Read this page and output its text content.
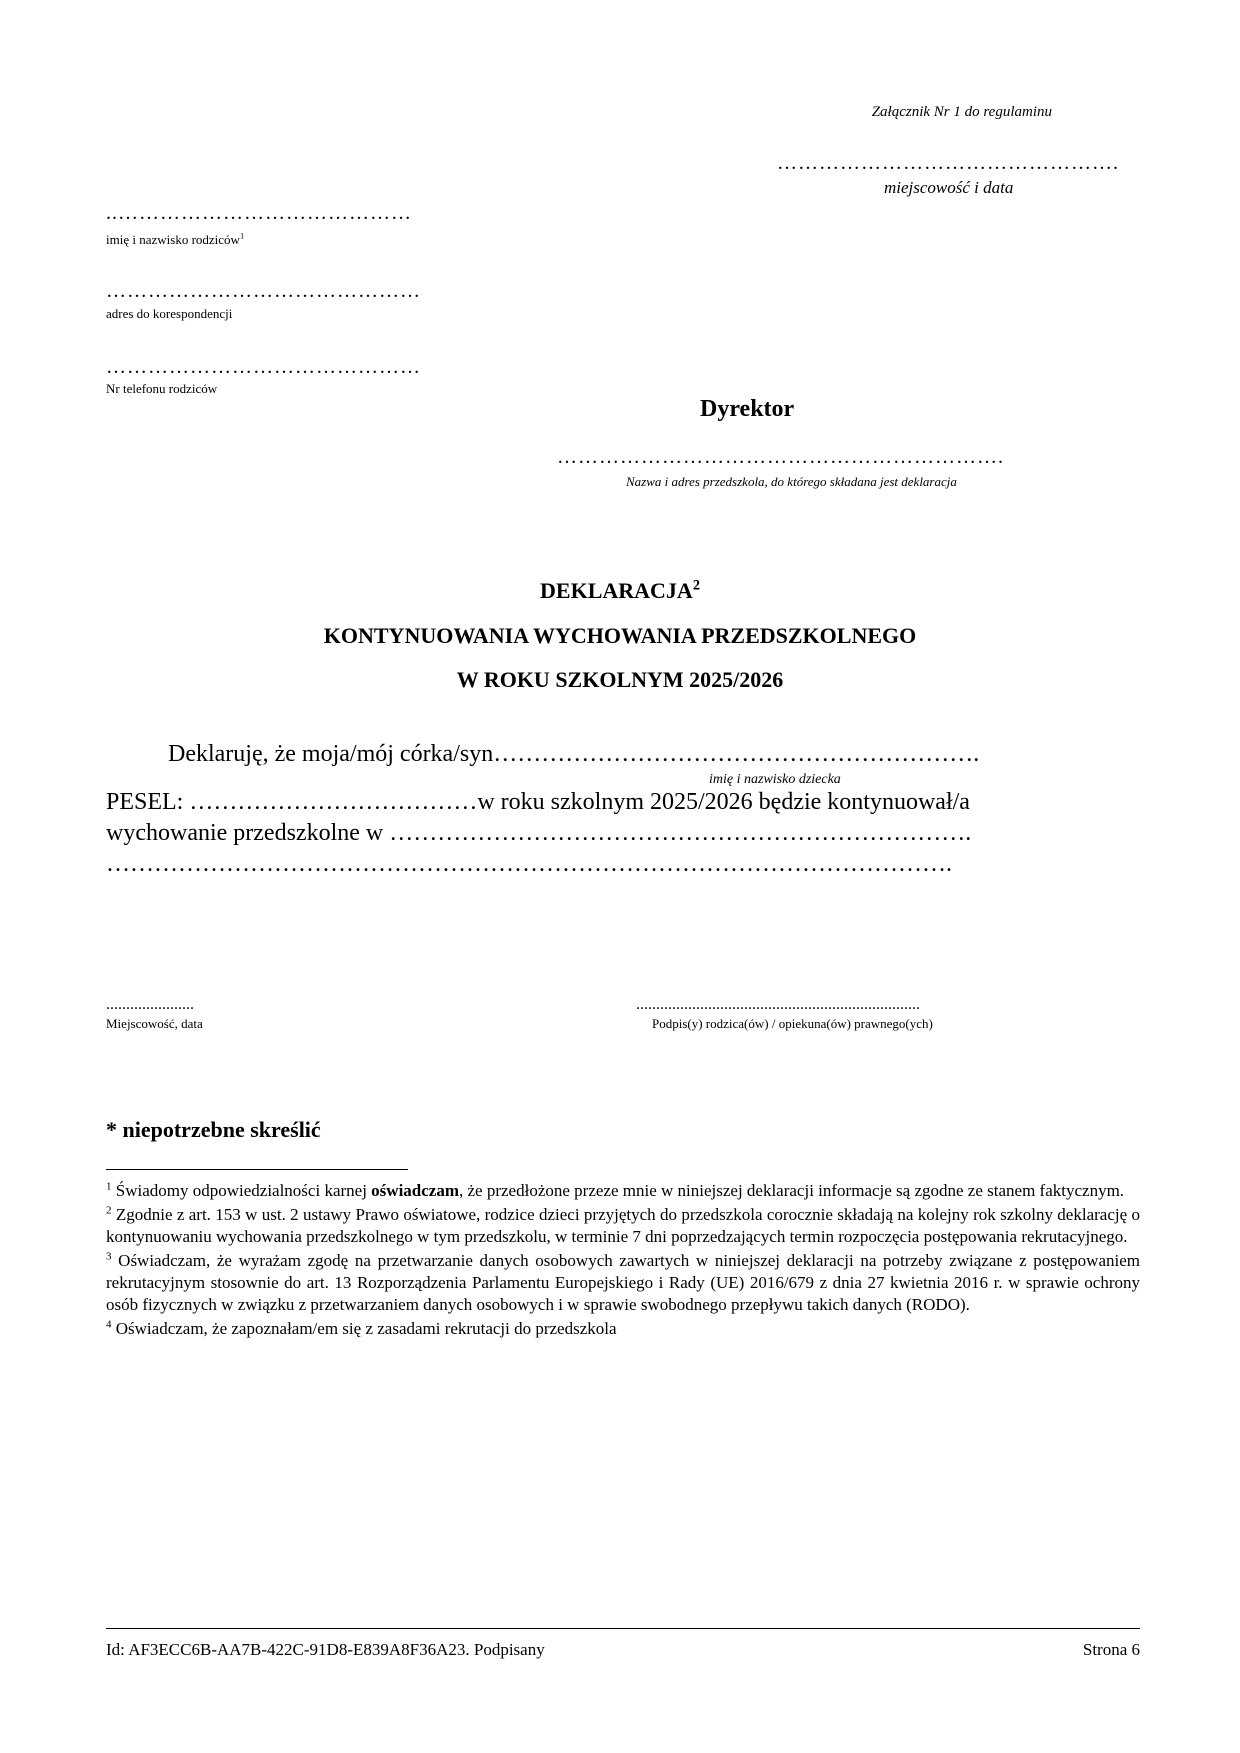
Załącznik Nr 1 do regulaminu
………………………………………….
miejscowość i data
..……………………………………
imię i nazwisko rodziców$^1$
………………………………………
adres do korespondencji
………………………………………
Nr telefonu rodziców
Dyrektor
……………………………………………………….
Nazwa i adres przedszkola, do którego składana jest deklaracja
DEKLARACJA$^2$
KONTYNUOWANIA WYCHOWANIA PRZEDSZKOLNEGO
W ROKU SZKOLNYM 2025/2026
Deklaruję, że moja/mój córka/syn…………………………………………………….
imię i nazwisko dziecka
PESEL: ………………………………w roku szkolnym 2025/2026 będzie kontynuował/a
wychowanie przedszkolne w ……………………………………………………………….
…………………………………………………………………………………………….
......................
Miejscowość, data
.......................................................................
Podpis(y) rodzica(ów) / opiekuna(ów) prawnego(ych)
* niepotrzebne skreślić

$^1$ Świadomy odpowiedzialności karnej oświadczam, że przedłożone przeze mnie w niniejszej deklaracji informacje są zgodne ze stanem faktycznym.

$^2$ Zgodnie z art. 153 w ust. 2 ustawy Prawo oświatowe, rodzice dzieci przyjętych do przedszkola corocznie składają na kolejny rok szkolny deklarację o kontynuowaniu wychowania przedszkolnego w tym przedszkolu, w terminie 7 dni poprzedzających termin rozpoczęcia postępowania rekrutacyjnego.

$^3$ Oświadczam, że wyrażam zgodę na przetwarzanie danych osobowych zawartych w niniejszej deklaracji na potrzeby związane z postępowaniem rekrutacyjnym stosownie do art. 13 Rozporządzenia Parlamentu Europejskiego i Rady (UE) 2016/679 z dnia 27 kwietnia 2016 r. w sprawie ochrony osób fizycznych w związku z przetwarzaniem danych osobowych i w sprawie swobodnego przepływu takich danych (RODO).

$^4$ Oświadczam, że zapoznałam/em się z zasadami rekrutacji do przedszkola

Id: AF3ECC6B-AA7B-422C-91D8-E839A8F36A23. Podpisany	Strona 6
